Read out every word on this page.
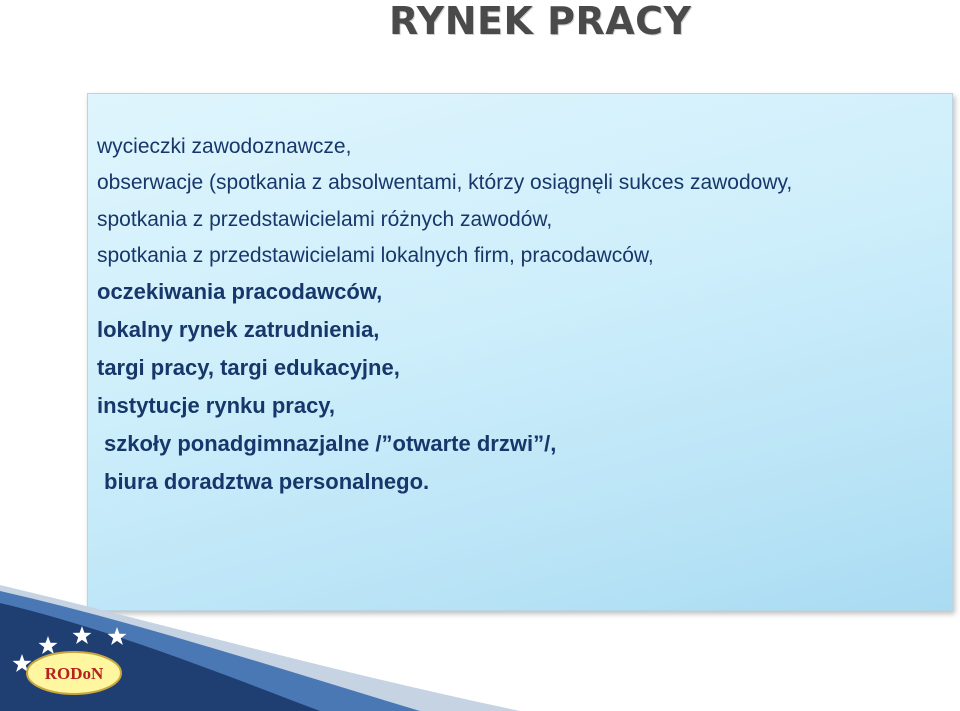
RYNEK PRACY
wycieczki zawodoznawcze,
obserwacje (spotkania z absolwentami, którzy osiągnęli sukces zawodowy,
spotkania z przedstawicielami różnych zawodów,
spotkania z przedstawicielami lokalnych firm, pracodawców,
oczekiwania pracodawców,
lokalny rynek zatrudnienia,
targi pracy, targi edukacyjne,
instytucje rynku pracy,
szkoły ponadgimnazjalne /”otwarte drzwi”/,
biura doradztwa personalnego.
RODoN
